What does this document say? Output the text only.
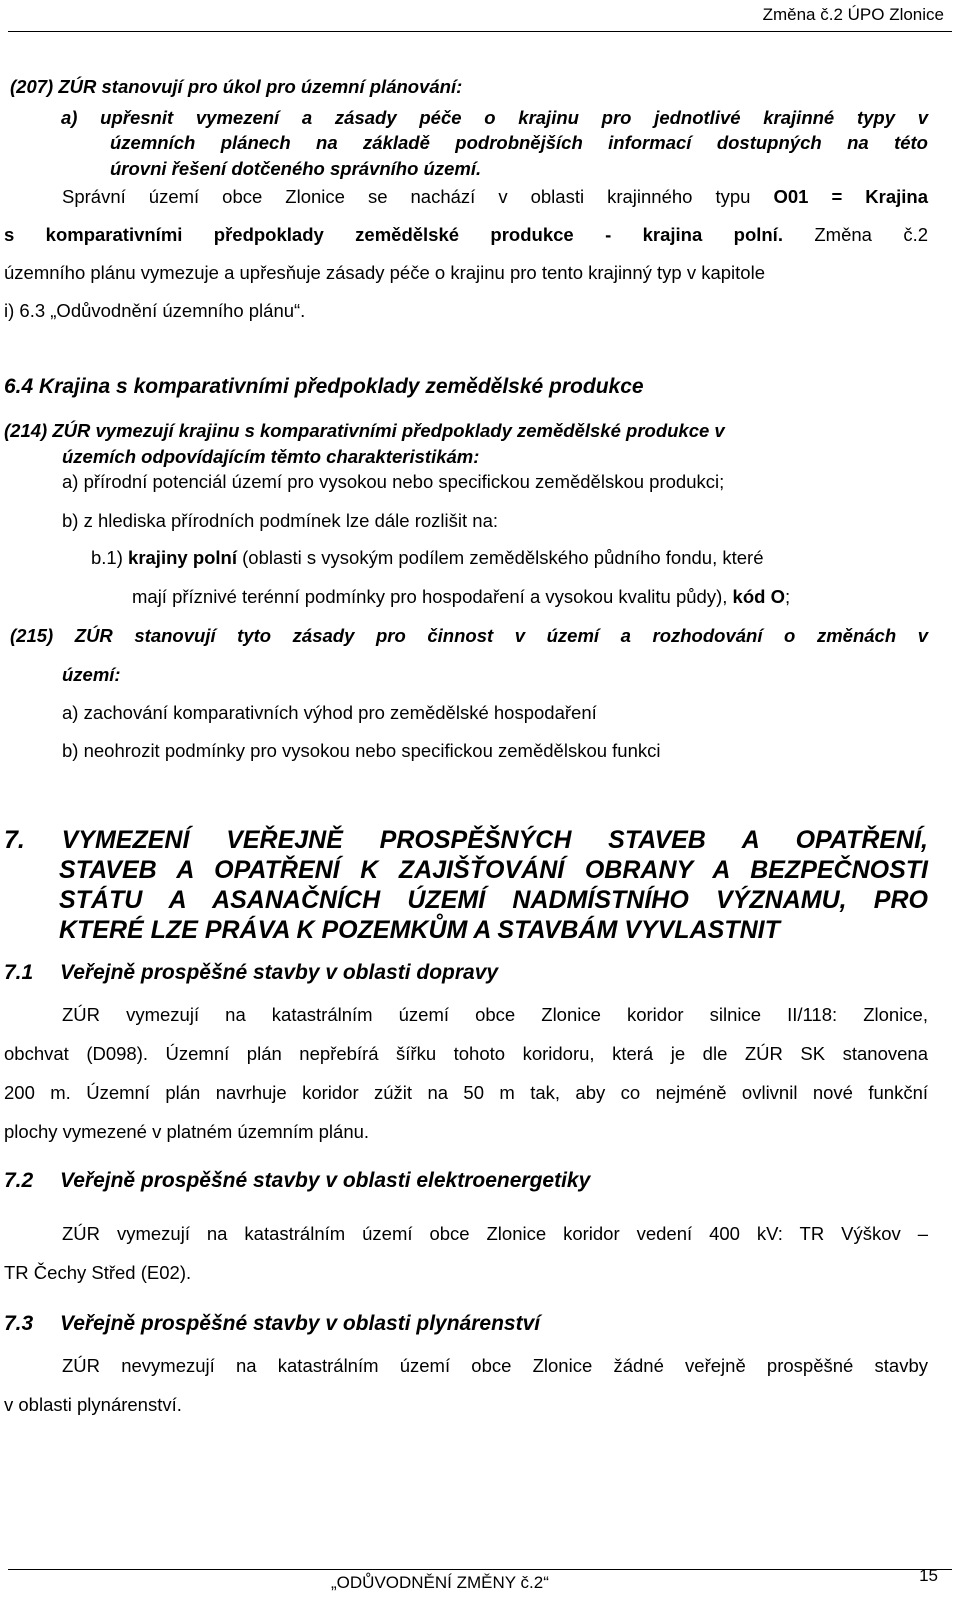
Změna č.2 ÚPO Zlonice
(207) ZÚR stanovují pro úkol pro územní plánování:
a) upřesnit vymezení a zásady péče o krajinu pro jednotlivé krajinné typy v
územních plánech na základě podrobnějších informací dostupných na této
úrovni řešení dotčeného správního území.
Správní území obce Zlonice se nachází v oblasti krajinného typu O01 = Krajina
s komparativními předpoklady zemědělské produkce - krajina polní. Změna č.2
územního plánu vymezuje a upřesňuje zásady péče o krajinu pro tento krajinný typ v kapitole
i) 6.3 „Odůvodnění územního plánu“.
6.4 Krajina s komparativními předpoklady zemědělské produkce
(214) ZÚR vymezují krajinu s komparativními předpoklady zemědělské produkce v
územích odpovídajícím těmto charakteristikám:
a) přírodní potenciál území pro vysokou nebo specifickou zemědělskou produkci;
b) z hlediska přírodních podmínek lze dále rozlišit na:
b.1) krajiny polní (oblasti s vysokým podílem zemědělského půdního fondu, které
mají příznivé terénní podmínky pro hospodaření a vysokou kvalitu půdy), kód O;
(215) ZÚR stanovují tyto zásady pro činnost v území a rozhodování o změnách v
území:
a) zachování komparativních výhod pro zemědělské hospodaření
b) neohrozit podmínky pro vysokou nebo specifickou zemědělskou funkci
7. VYMEZENÍ VEŘEJNĚ PROSPĚŠNÝCH STAVEB A OPATŘENÍ,
STAVEB A OPATŘENÍ K ZAJIŠŤOVÁNÍ OBRANY A BEZPEČNOSTI
STÁTU A ASANAČNÍCH ÚZEMÍ NADMÍSTNÍHO VÝZNAMU, PRO
KTERÉ LZE PRÁVA K POZEMKŮM A STAVBÁM VYVLASTNIT
7.1 Veřejně prospěšné stavby v oblasti dopravy
ZÚR vymezují na katastrálním území obce Zlonice koridor silnice II/118: Zlonice,
obchvat (D098). Územní plán nepřebírá šířku tohoto koridoru, která je dle ZÚR SK stanovena
200 m. Územní plán navrhuje koridor zúžit na 50 m tak, aby co nejméně ovlivnil nové funkční
plochy vymezené v platném územním plánu.
7.2 Veřejně prospěšné stavby v oblasti elektroenergetiky
ZÚR vymezují na katastrálním území obce Zlonice koridor vedení 400 kV: TR Výškov –
TR Čechy Střed (E02).
7.3 Veřejně prospěšné stavby v oblasti plynárenství
ZÚR nevymezují na katastrálním území obce Zlonice žádné veřejně prospěšné stavby
v oblasti plynárenství.
„ODŮVODNĚNÍ ZMĚNY č.2“	15
